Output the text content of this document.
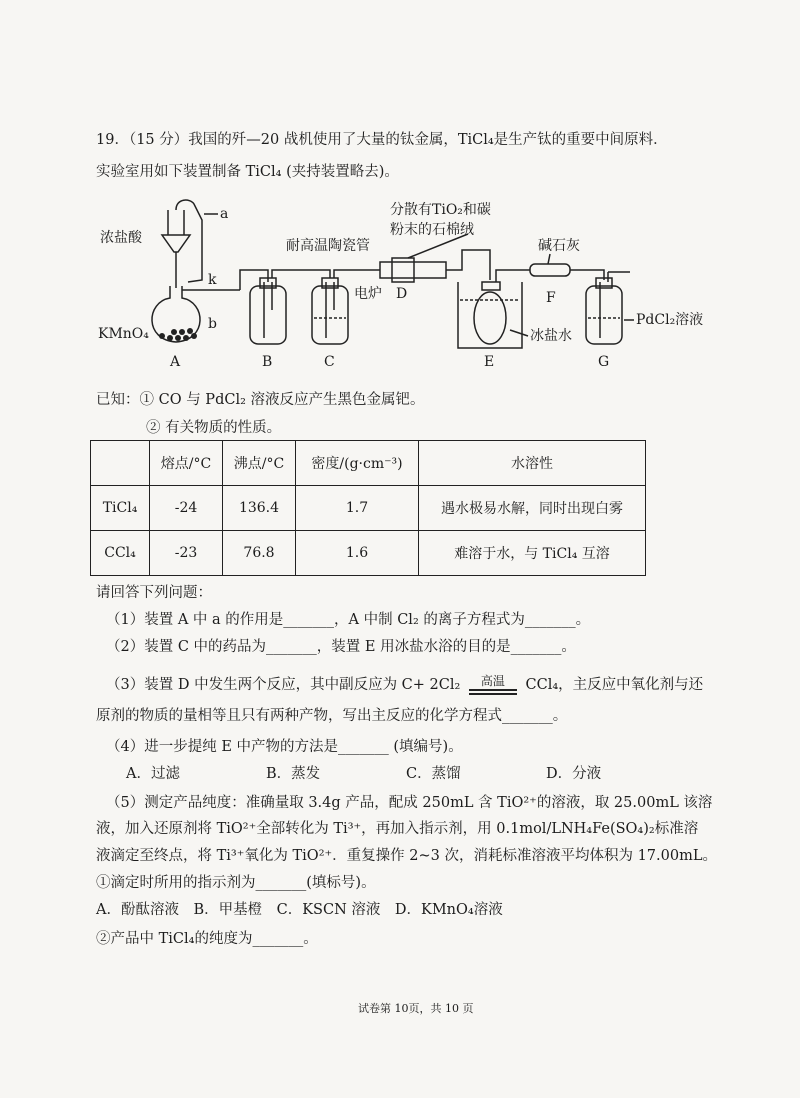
19．（15 分）我国的歼—20 战机使用了大量的钛金属，TiCl₄是生产钛的重要中间原料．
实验室用如下装置制备 TiCl₄ (夹持装置略去)。
a
浓盐酸
k
KMnO₄
b
耐高温陶瓷管
电炉
分散有TiO₂和碳
粉末的石棉绒
碱石灰
冰盐水
PdCl₂溶液
A	B	C
D
E
F
G
已知：① CO 与 PdCl₂ 溶液反应产生黑色金属钯。
② 有关物质的性质。
	熔点/°C	沸点/°C	密度/(g·cm⁻³)	水溶性
TiCl₄	-24	136.4	1.7	遇水极易水解，同时出现白雾
CCl₄	-23	76.8	1.6	难溶于水，与 TiCl₄ 互溶
请回答下列问题：
（1）装置 A 中 a 的作用是_______，A 中制 Cl₂ 的离子方程式为_______。
（2）装置 C 中的药品为_______，装置 E 用冰盐水浴的目的是_______。
（3）装置 D 中发生两个反应，其中副反应为 C+ 2Cl₂	高温	CCl₄，主反应中氧化剂与还
原剂的物质的量相等且只有两种产物，写出主反应的化学方程式_______。
（4）进一步提纯 E 中产物的方法是_______ (填编号)。
A．过滤	B．蒸发	C．蒸馏	D．分液
（5）测定产品纯度：准确量取 3.4g 产品，配成 250mL 含 TiO²⁺的溶液，取 25.00mL 该溶
液，加入还原剂将 TiO²⁺全部转化为 Ti³⁺，再加入指示剂，用 0.1mol/LNH₄Fe(SO₄)₂标准溶
液滴定至终点，将 Ti³⁺氧化为 TiO²⁺．重复操作 2~3 次，消耗标准溶液平均体积为 17.00mL。
①滴定时所用的指示剂为_______(填标号)。
A．酚酞溶液　B．甲基橙　C．KSCN 溶液　D．KMnO₄溶液
②产品中 TiCl₄的纯度为_______。
试卷第 10页，共 10 页
